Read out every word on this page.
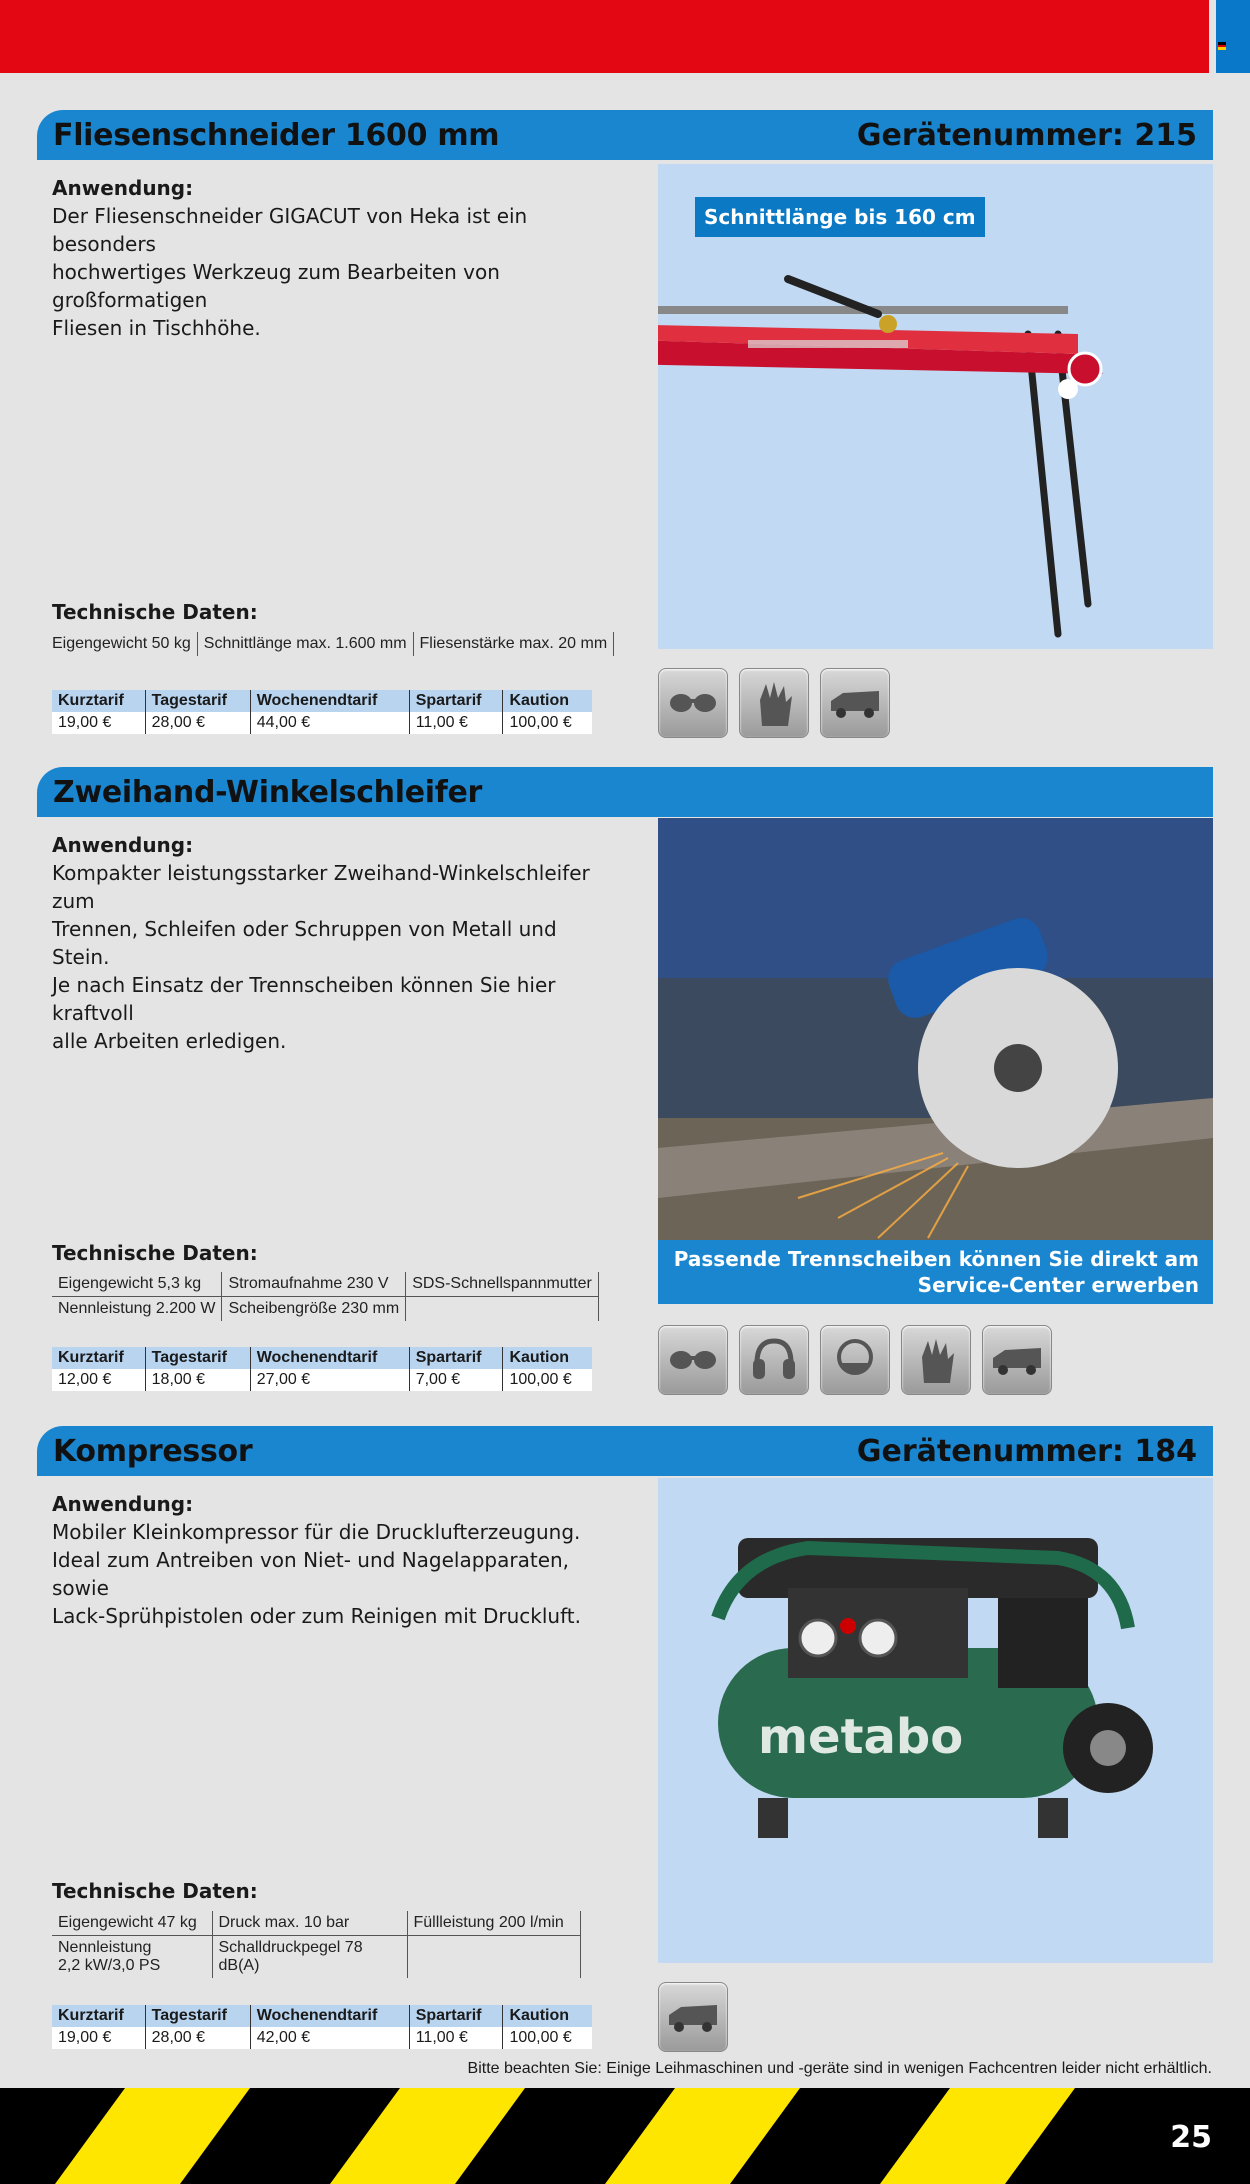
Fliesenschneider 1600 mm	Gerätenummer: 215
Anwendung:
Der Fliesenschneider GIGACUT von Heka ist ein besonders
hochwertiges Werkzeug zum Bearbeiten von großformatigen
Fliesen in Tischhöhe.
Schnittlänge bis 160 cm
Technische Daten:
Eigengewicht 50 kg	Schnittlänge max. 1.600 mm	Fliesenstärke max. 20 mm
Kurztarif	Tagestarif	Wochenendtarif	Spartarif	Kaution
19,00 €	28,00 €	44,00 €	11,00 €	100,00 €
Zweihand-Winkelschleifer
Anwendung:
Kompakter leistungsstarker Zweihand-Winkelschleifer zum
Trennen, Schleifen oder Schruppen von Metall und Stein.
Je nach Einsatz der Trennscheiben können Sie hier kraftvoll
alle Arbeiten erledigen.
Passende Trennscheiben können Sie direkt am
Service-Center erwerben
Technische Daten:
Eigengewicht 5,3 kg	Stromaufnahme 230 V	SDS-Schnellspannmutter
Nennleistung 2.200 W	Scheibengröße 230 mm	
Kurztarif	Tagestarif	Wochenendtarif	Spartarif	Kaution
12,00 €	18,00 €	27,00 €	7,00 €	100,00 €
Kompressor	Gerätenummer: 184
Anwendung:
Mobiler Kleinkompressor für die Drucklufterzeugung.
Ideal zum Antreiben von Niet- und Nagelapparaten, sowie
Lack-Sprühpistolen oder zum Reinigen mit Druckluft.
metabo
Technische Daten:
Eigengewicht 47 kg	Druck max. 10 bar	Füllleistung 200 l/min
Nennleistung
2,2 kW/3,0 PS	Schalldruckpegel 78 dB(A)	
Kurztarif	Tagestarif	Wochenendtarif	Spartarif	Kaution
19,00 €	28,00 €	42,00 €	11,00 €	100,00 €
Bitte beachten Sie: Einige Leihmaschinen und -geräte sind in wenigen Fachcentren leider nicht erhältlich.
25
